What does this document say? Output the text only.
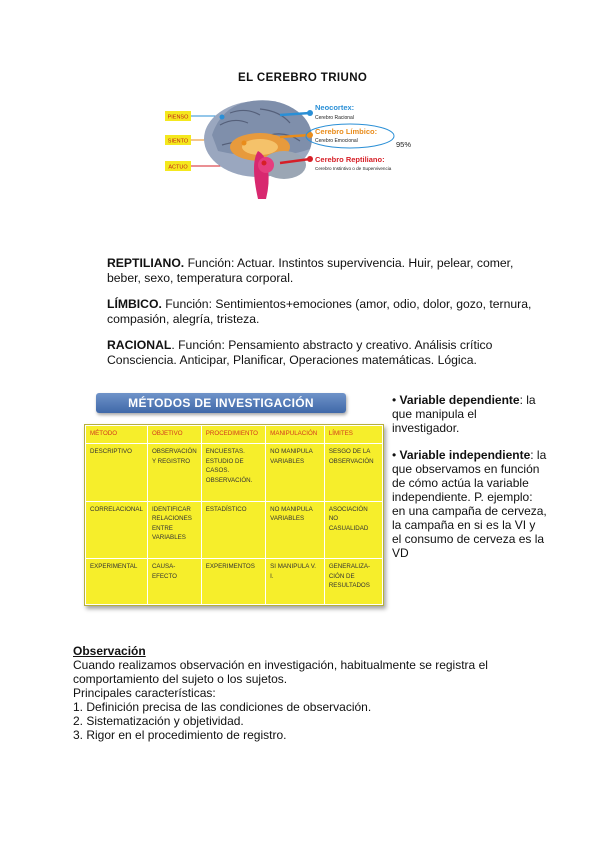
EL CEREBRO TRIUNO
PIENSO
SIENTO
ACTUO
Neocortex:
Cerebro Racional
Cerebro Límbico:
Cerebro Emocional	95%
Cerebro Reptiliano:
Cerebro Instintivo o de Supervivencia
REPTILIANO. Función: Actuar. Instintos supervivencia. Huir, pelear, comer, beber, sexo, temperatura corporal.
LÍMBICO. Función: Sentimientos+emociones (amor, odio, dolor, gozo, ternura, compasión, alegría, tristeza.
RACIONAL. Función: Pensamiento abstracto y creativo. Análisis crítico Consciencia. Anticipar, Planificar, Operaciones matemáticas. Lógica.
MÉTODOS DE INVESTIGACIÓN
MÉTODO	OBJETIVO	PROCEDIMIENTO	MANIPULACIÓN	LÍMITES
DESCRIPTIVO	OBSERVACIÓN Y REGISTRO	ENCUESTAS. ESTUDIO DE CASOS. OBSERVACIÓN.	NO MANIPULA VARIABLES	SESGO DE LA OBSERVACIÓN
CORRELACIONAL	IDENTIFICAR RELACIONES ENTRE VARIABLES	ESTADÍSTICO	NO MANIPULA VARIABLES	ASOCIACIÓN NO CASUALIDAD
EXPERIMENTAL	CAUSA-EFECTO	EXPERIMENTOS	SI MANIPULA V. I.	GENERALIZA-CIÓN DE RESULTADOS
• Variable dependiente: la que manipula el investigador.
• Variable independiente: la que observamos en función de cómo actúa la variable independiente. P. ejemplo: en una campaña de cerveza, la campaña en si es la VI y el consumo de cerveza es la VD
Observación
Cuando realizamos observación en investigación, habitualmente se registra el comportamiento del sujeto o los sujetos.
Principales características:
1. Definición precisa de las condiciones de observación.
2. Sistematización y objetividad.
3. Rigor en el procedimiento de registro.
